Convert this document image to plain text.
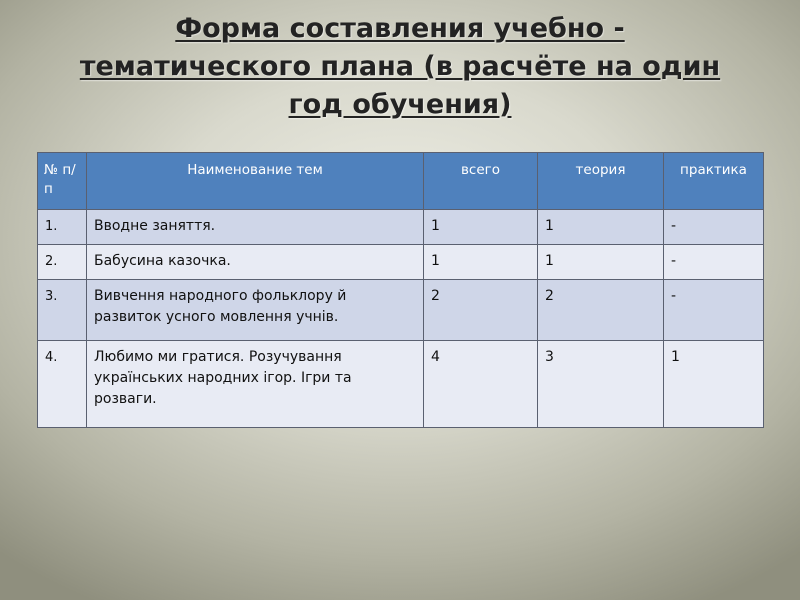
Форма составления учебно -
тематического плана (в расчёте на один
год обучения)
№ п/п	Наименование тем	всего	теория	практика
1.	Вводне заняття.	1	1	-
2.	Бабусина казочка.	1	1	-
3.	Вивчення народного фольклору й развиток усного мовлення учнів.	2	2	-
4.	Любимо ми гратися. Розучування українських народних ігор. Ігри та розваги.	4	3	1
